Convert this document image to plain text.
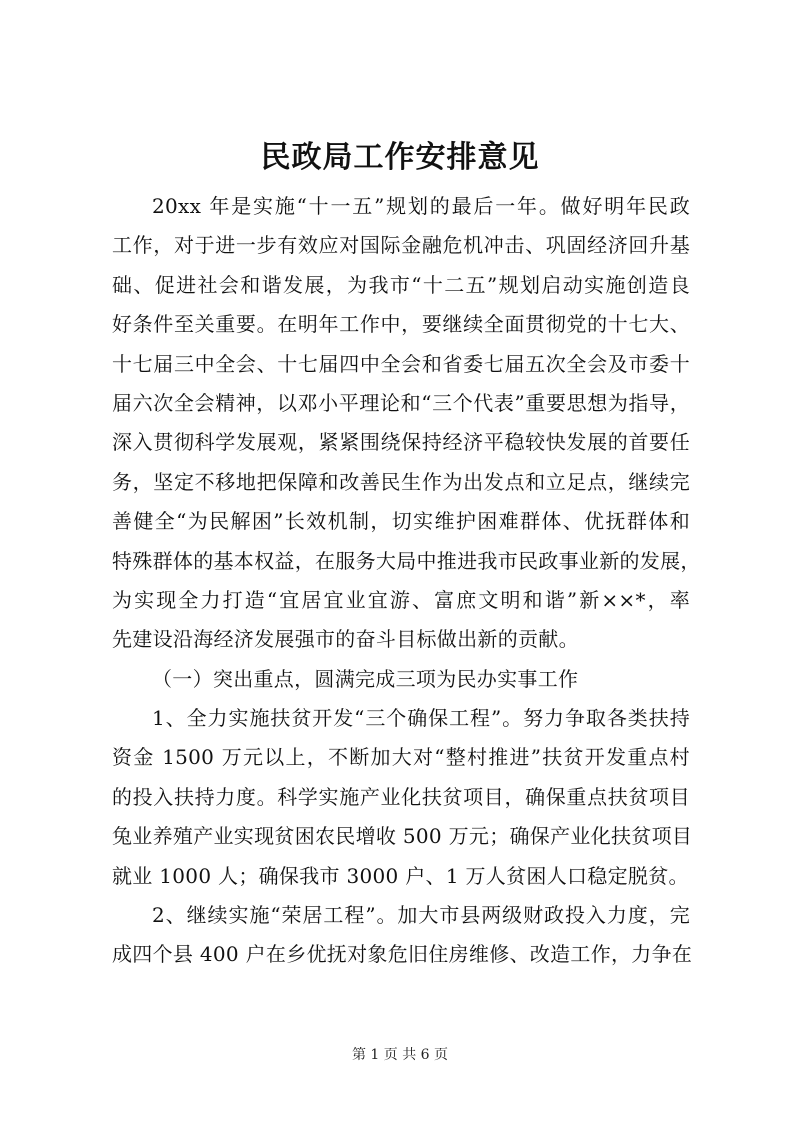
民政局工作安排意见
20xx 年是实施“十一五”规划的最后一年。做好明年民政
工作，对于进一步有效应对国际金融危机冲击、巩固经济回升基
础、促进社会和谐发展，为我市“十二五”规划启动实施创造良
好条件至关重要。在明年工作中，要继续全面贯彻党的十七大、
十七届三中全会、十七届四中全会和省委七届五次全会及市委十
届六次全会精神，以邓小平理论和“三个代表”重要思想为指导，
深入贯彻科学发展观，紧紧围绕保持经济平稳较快发展的首要任
务，坚定不移地把保障和改善民生作为出发点和立足点，继续完
善健全“为民解困”长效机制，切实维护困难群体、优抚群体和
特殊群体的基本权益，在服务大局中推进我市民政事业新的发展，
为实现全力打造“宜居宜业宜游、富庶文明和谐”新××*，率
先建设沿海经济发展强市的奋斗目标做出新的贡献。
（一）突出重点，圆满完成三项为民办实事工作
1、全力实施扶贫开发“三个确保工程”。努力争取各类扶持
资金 1500 万元以上，不断加大对“整村推进”扶贫开发重点村
的投入扶持力度。科学实施产业化扶贫项目，确保重点扶贫项目
兔业养殖产业实现贫困农民增收 500 万元；确保产业化扶贫项目
就业 1000 人；确保我市 3000 户、1 万人贫困人口稳定脱贫。
2、继续实施“荣居工程”。加大市县两级财政投入力度，完
成四个县 400 户在乡优抚对象危旧住房维修、改造工作，力争在
第 1 页 共 6 页
